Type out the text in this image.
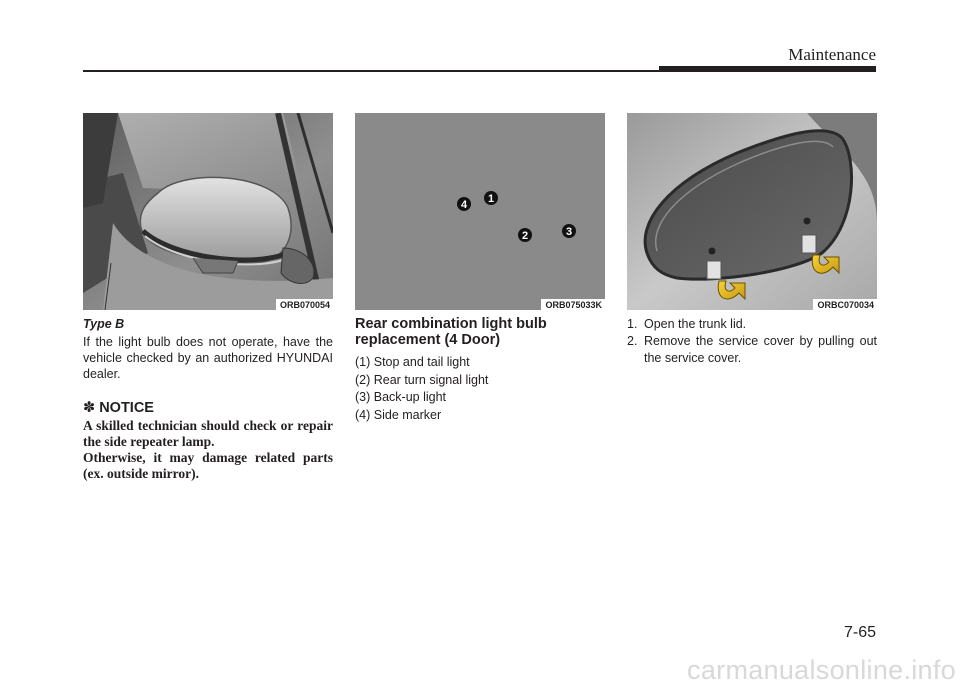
Maintenance
ORB070054
1
2	3
4
ORB075033K	ORBC070034
Type B
If the light bulb does not operate, have the vehicle checked by an authorized HYUNDAI dealer.
✽ NOTICE
A skilled technician should check or repair the side repeater lamp.
Otherwise, it may damage related parts (ex. outside mirror).
Rear combination light bulb replacement (4 Door)
(1) Stop and tail light
(2) Rear turn signal light
(3) Back-up light
(4) Side marker
1. Open the trunk lid.
2. Remove the service cover by pulling out the service cover.
7-65
carmanualsonline.info
